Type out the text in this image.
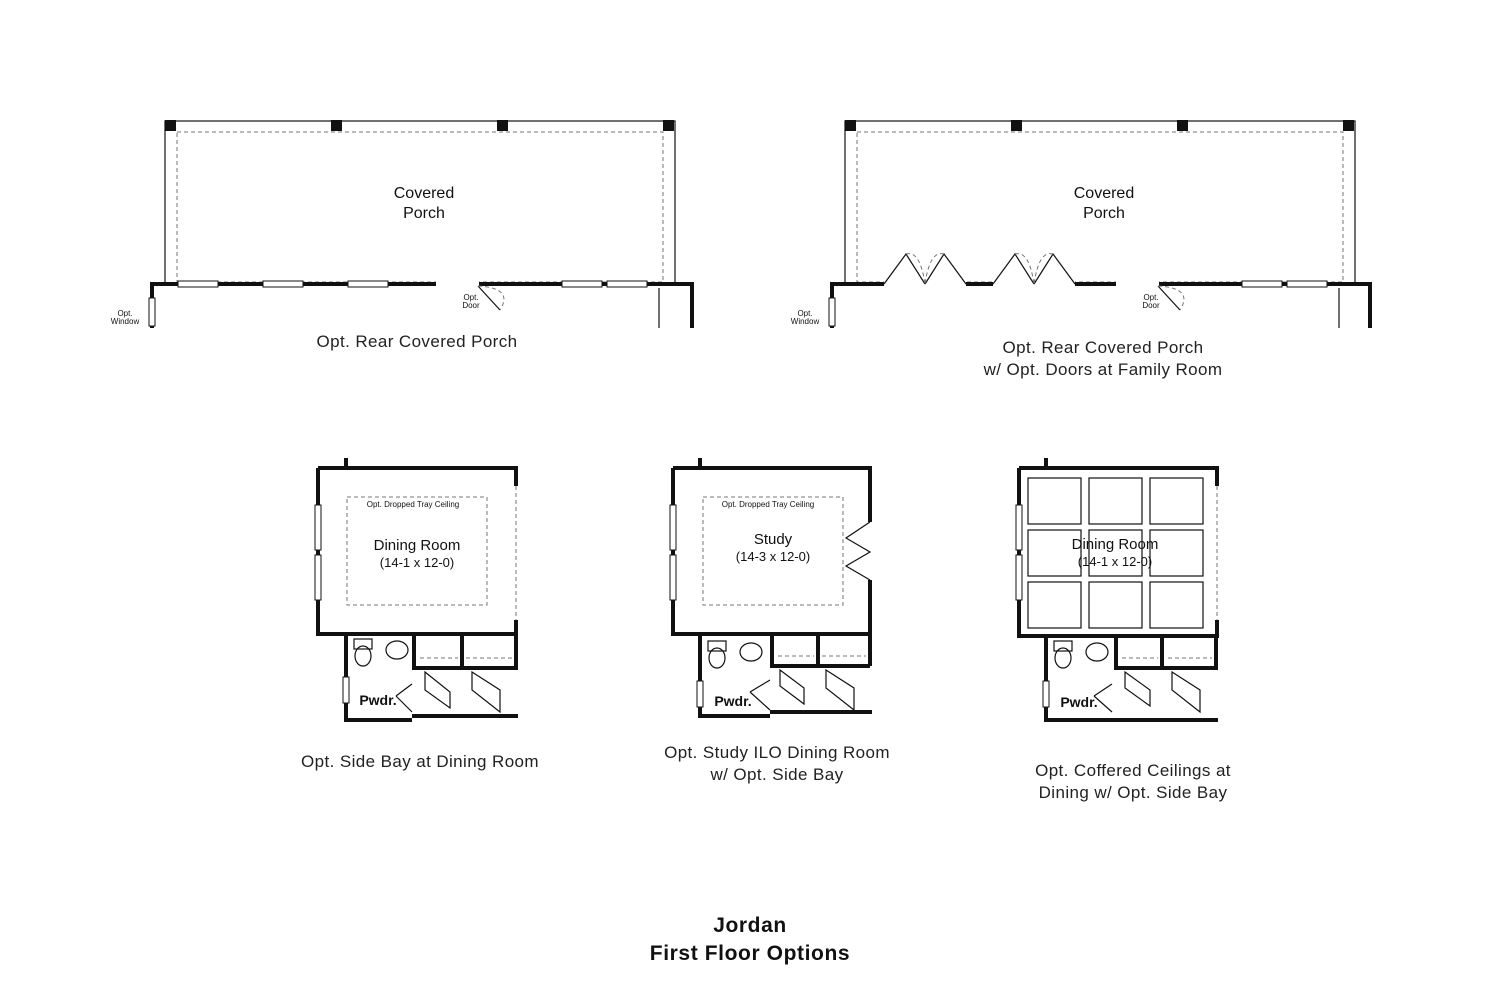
Opt.
Door
Opt.
Window
Covered
Porch
Opt.
Door
Opt.
Window
Covered
Porch
Opt. Dropped Tray Ceiling
Dining Room
(14-1 x 12-0)
Pwdr.
Opt. Dropped Tray Ceiling
Study
(14-3 x 12-0)
Pwdr.
Dining Room
(14-1 x 12-0)
Pwdr.
Opt. Rear Covered Porch	Opt. Rear Covered Porch
w/ Opt. Doors at Family Room
Opt. Side Bay at Dining Room	Opt. Study ILO Dining Room
w/ Opt. Side Bay	Opt. Coffered Ceilings at
Dining w/ Opt. Side Bay
Jordan
First Floor Options
